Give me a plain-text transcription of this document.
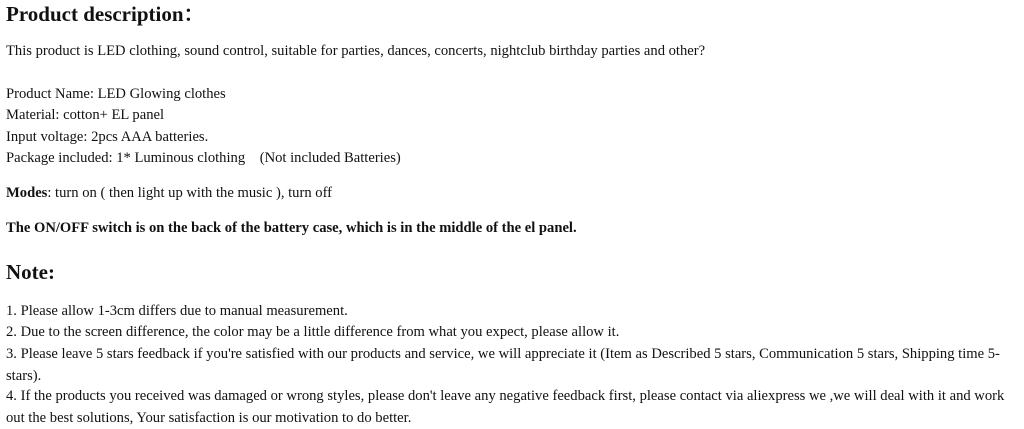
Product description：

This product is LED clothing, sound control, suitable for parties, dances, concerts, nightclub birthday parties and other?

Product Name: LED Glowing clothes

Material: cotton+ EL panel

Input voltage: 2pcs AAA batteries.

Package included: 1* Luminous clothing　(Not included Batteries)

Modes: turn on ( then light up with the music ), turn off

The ON/OFF switch is on the back of the battery case, which is in the middle of the el panel.

Note:

1. Please allow 1-3cm differs due to manual measurement.

2. Due to the screen difference, the color may be a little difference from what you expect, please allow it.

3. Please leave 5 stars feedback if you're satisfied with our products and service, we will appreciate it (Item as Described 5 stars, Communication 5 stars, Shipping time 5-stars).

4. If the products you received was damaged or wrong styles, please don't leave any negative feedback first, please contact via aliexpress we ,we will deal with it and work out the best solutions, Your satisfaction is our motivation to do better.
